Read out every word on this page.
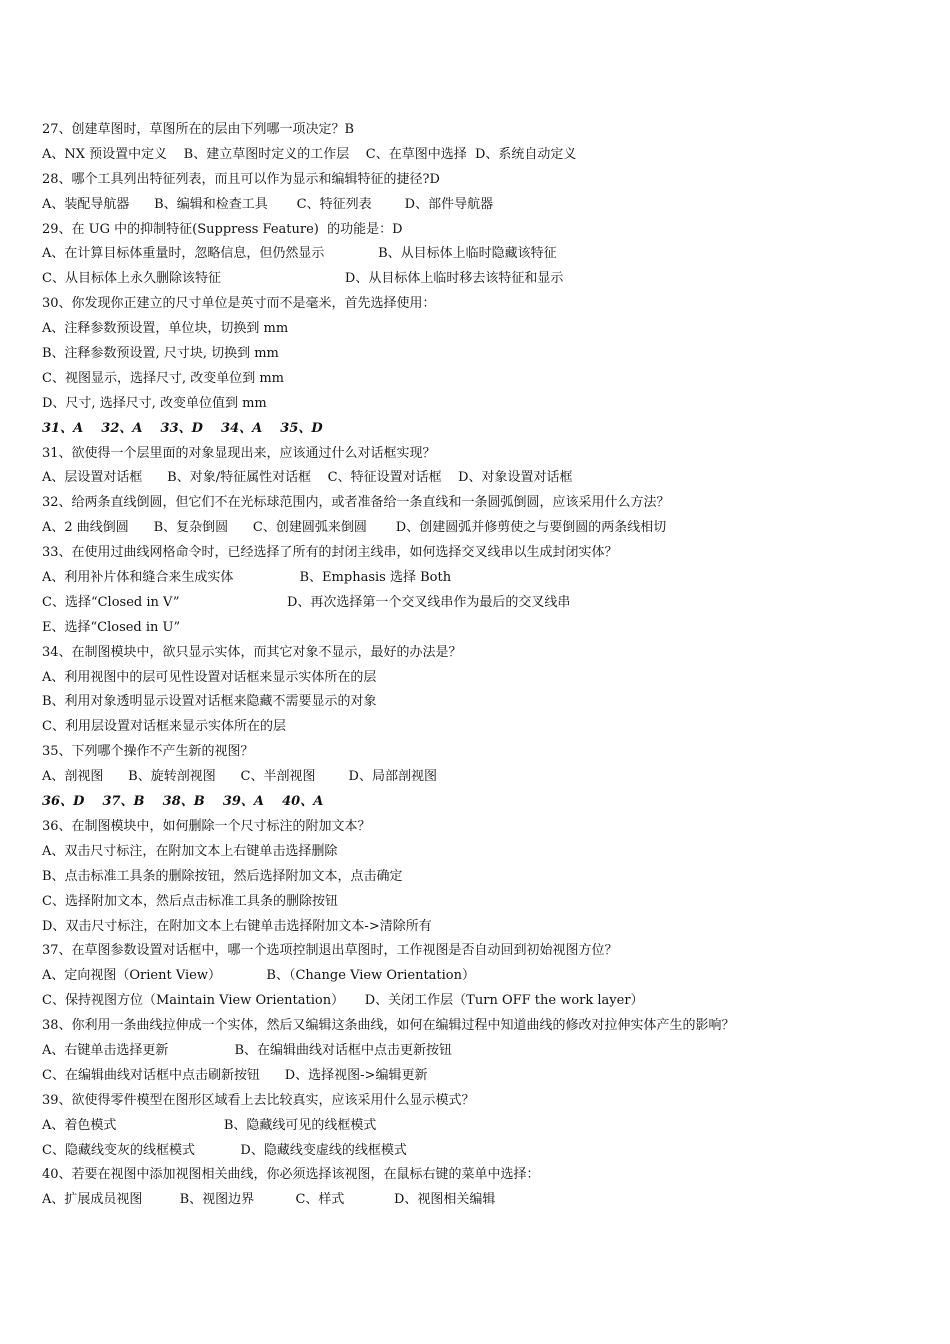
27、创建草图时，草图所在的层由下列哪一项决定？B
A、NX 预设置中定义    B、建立草图时定义的工作层    C、在草图中选择  D、系统自动定义
28、哪个工具列出特征列表，而且可以作为显示和编辑特征的捷径?D
A、装配导航器      B、编辑和检查工具       C、特征列表        D、部件导航器
29、在 UG 中的抑制特征(Suppress Feature)  的功能是：D
A、在计算目标体重量时，忽略信息，但仍然显示             B、从目标体上临时隐藏该特征
C、从目标体上永久删除该特征                              D、从目标体上临时移去该特征和显示
30、你发现你正建立的尺寸单位是英寸而不是毫米，首先选择使用：
A、注释参数预设置，单位块，切换到 mm
B、注释参数预设置, 尺寸块, 切换到 mm
C、视图显示，选择尺寸, 改变单位到 mm
D、尺寸, 选择尺寸, 改变单位值到 mm
31、A    32、A    33、D    34、A    35、D
31、欲使得一个层里面的对象显现出来，应该通过什么对话框实现？
A、层设置对话框      B、对象/特征属性对话框    C、特征设置对话框    D、对象设置对话框
32、给两条直线倒圆，但它们不在光标球范围内，或者准备给一条直线和一条圆弧倒圆，应该采用什么方法？
A、2 曲线倒圆      B、复杂倒圆      C、创建圆弧来倒圆       D、创建圆弧并修剪使之与要倒圆的两条线相切
33、在使用过曲线网格命令时，已经选择了所有的封闭主线串，如何选择交叉线串以生成封闭实体？
A、利用补片体和缝合来生成实体                B、Emphasis 选择 Both
C、选择“Closed in V”                          D、再次选择第一个交叉线串作为最后的交叉线串
E、选择“Closed in U”
34、在制图模块中，欲只显示实体，而其它对象不显示，最好的办法是？
A、利用视图中的层可见性设置对话框来显示实体所在的层
B、利用对象透明显示设置对话框来隐藏不需要显示的对象
C、利用层设置对话框来显示实体所在的层
35、下列哪个操作不产生新的视图？
A、剖视图      B、旋转剖视图      C、半剖视图        D、局部剖视图
36、D    37、B    38、B    39、A    40、A
36、在制图模块中，如何删除一个尺寸标注的附加文本？
A、双击尺寸标注，在附加文本上右键单击选择删除
B、点击标准工具条的删除按钮，然后选择附加文本，点击确定
C、选择附加文本，然后点击标准工具条的删除按钮
D、双击尺寸标注，在附加文本上右键单击选择附加文本->清除所有
37、在草图参数设置对话框中，哪一个选项控制退出草图时，工作视图是否自动回到初始视图方位？
A、定向视图（Orient View）           B、（Change View Orientation）
C、保持视图方位（Maintain View Orientation）     D、关闭工作层（Turn OFF the work layer）
38、你利用一条曲线拉伸成一个实体，然后又编辑这条曲线，如何在编辑过程中知道曲线的修改对拉伸实体产生的影响？
A、右键单击选择更新                B、在编辑曲线对话框中点击更新按钮
C、在编辑曲线对话框中点击刷新按钮      D、选择视图->编辑更新
39、欲使得零件模型在图形区域看上去比较真实，应该采用什么显示模式？
A、着色模式                          B、隐藏线可见的线框模式
C、隐藏线变灰的线框模式           D、隐藏线变虚线的线框模式
40、若要在视图中添加视图相关曲线，你必须选择该视图，在鼠标右键的菜单中选择：
A、扩展成员视图         B、视图边界          C、样式            D、视图相关编辑
